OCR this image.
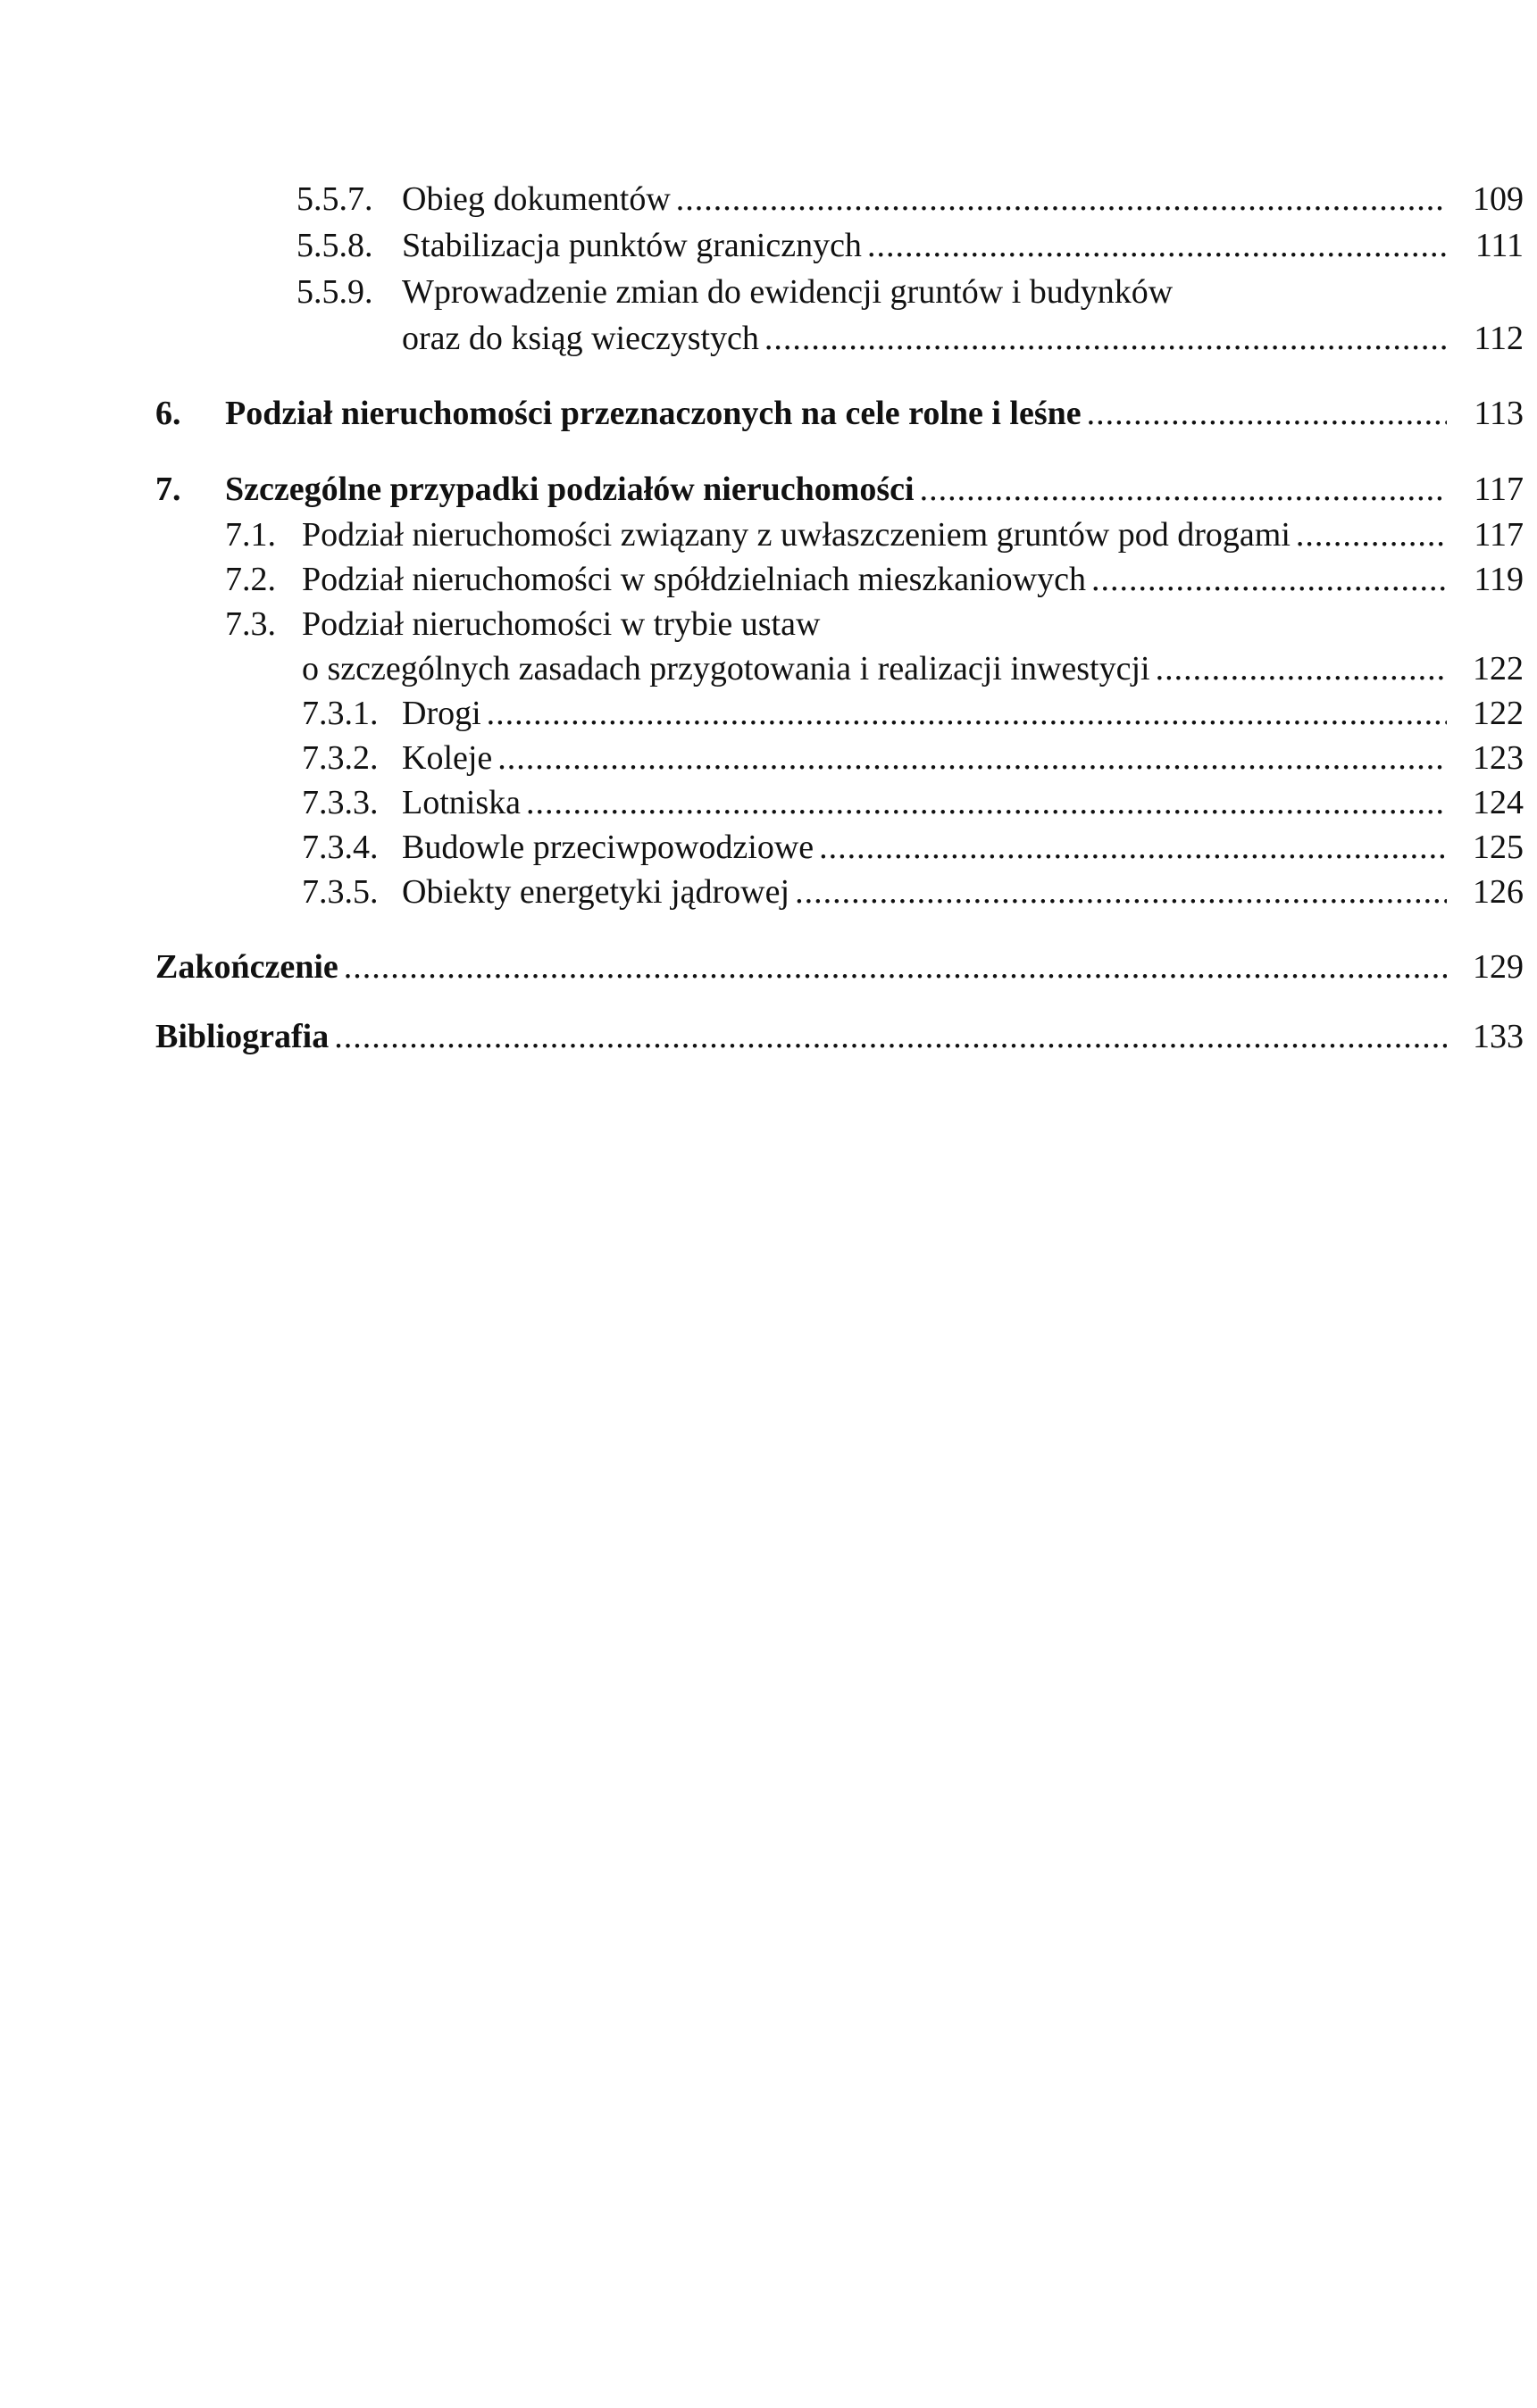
5.5.7. Obieg dokumentów .....	109
5.5.8. Stabilizacja punktów granicznych .....	111
5.5.9. Wprowadzenie zmian do ewidencji gruntów i budynków
oraz do ksiąg wieczystych .....	112
6.	Podział nieruchomości przeznaczonych na cele rolne i leśne .....	113
7.	Szczególne przypadki podziałów nieruchomości .....	117
7.1. Podział nieruchomości związany z uwłaszczeniem gruntów pod drogami .....	117
7.2. Podział nieruchomości w spółdzielniach mieszkaniowych .....	119
7.3. Podział nieruchomości w trybie ustaw
o szczególnych zasadach przygotowania i realizacji inwestycji .....	122
7.3.1. Drogi .....	122
7.3.2. Koleje .....	123
7.3.3. Lotniska .....	124
7.3.4. Budowle przeciwpowodziowe .....	125
7.3.5. Obiekty energetyki jądrowej .....	126
Zakończenie .....	129
Bibliografia .....	133
